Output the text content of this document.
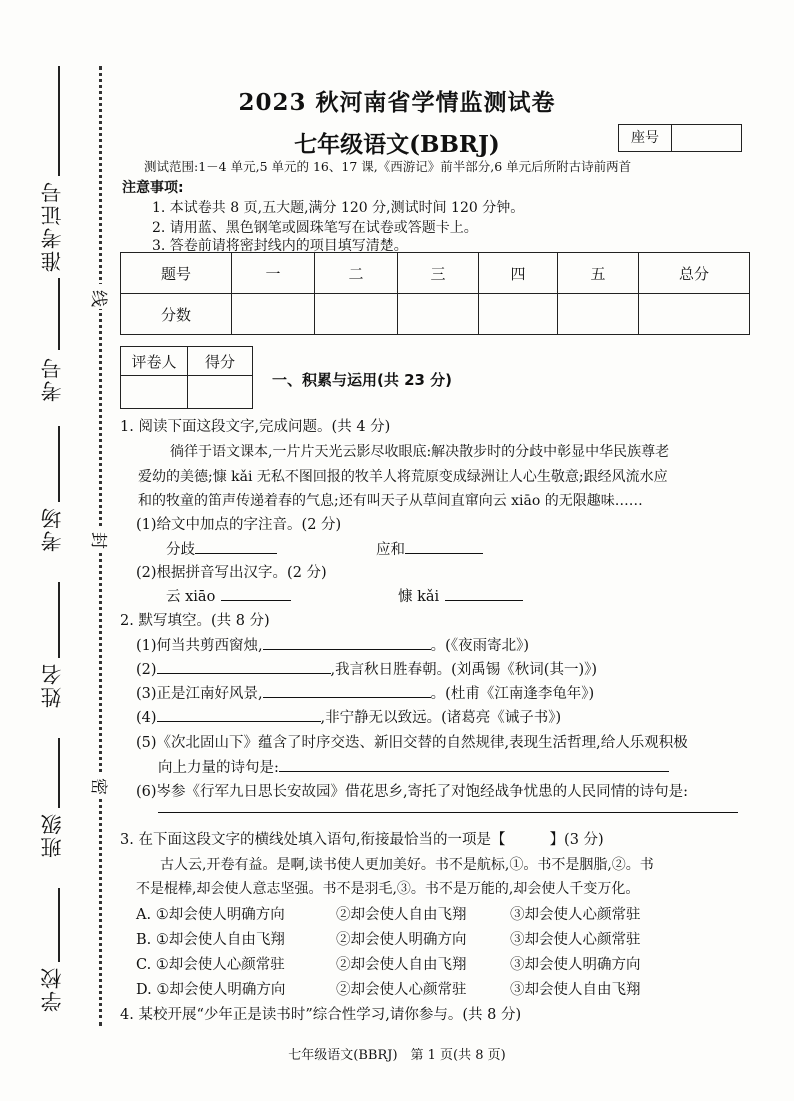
准考证号
考号
考场
姓名
班级
学校
线
封
密
2023 秋河南省学情监测试卷
七年级语文(BBRJ)	座号
测试范围:1－4 单元,5 单元的 16、17 课,《西游记》前半部分,6 单元后所附古诗前两首
注意事项:
1. 本试卷共 8 页,五大题,满分 120 分,测试时间 120 分钟。
2. 请用蓝、黑色钢笔或圆珠笔写在试卷或答题卡上。
3. 答卷前请将密封线内的项目填写清楚。
题号	一	二	三	四	五	总分
分数						
评卷人	得分

一、积累与运用(共 23 分)
1. 阅读下面这段文字,完成问题。(共 4 分)
徜徉于语文课本,一片片天光云影尽收眼底:解决散步时的分歧中彰显中华民族尊老
爱幼的美德;慷 kǎi 无私不图回报的牧羊人将荒原变成绿洲让人心生敬意;跟经风流水应
和的牧童的笛声传递着春的气息;还有叫天子从草间直窜向云 xiāo 的无限趣味……
(1)给文中加点的字注音。(2 分)
分歧	应和
(2)根据拼音写出汉字。(2 分)
云 xiāo	慷 kǎi
2. 默写填空。(共 8 分)
(1)何当共剪西窗烛,	。(《夜雨寄北》)
(2)	,我言秋日胜春朝。(刘禹锡《秋词(其一)》)
(3)正是江南好风景,	。(杜甫《江南逢李龟年》)
(4)	,非宁静无以致远。(诸葛亮《诫子书》)
(5)《次北固山下》蕴含了时序交迭、新旧交替的自然规律,表现生活哲理,给人乐观积极
向上力量的诗句是:
(6)岑参《行军九日思长安故园》借花思乡,寄托了对饱经战争忧患的人民同情的诗句是:
3. 在下面这段文字的横线处填入语句,衔接最恰当的一项是【	】(3 分)
古人云,开卷有益。是啊,读书使人更加美好。书不是航标,①。书不是胭脂,②。书
不是棍棒,却会使人意志坚强。书不是羽毛,③。书不是万能的,却会使人千变万化。
A. ①却会使人明确方向	②却会使人自由飞翔	③却会使人心颜常驻
B. ①却会使人自由飞翔	②却会使人明确方向	③却会使人心颜常驻
C. ①却会使人心颜常驻	②却会使人自由飞翔	③却会使人明确方向
D. ①却会使人明确方向	②却会使人心颜常驻	③却会使人自由飞翔
4. 某校开展“少年正是读书时”综合性学习,请你参与。(共 8 分)
七年级语文(BBRJ)　第 1 页(共 8 页)
